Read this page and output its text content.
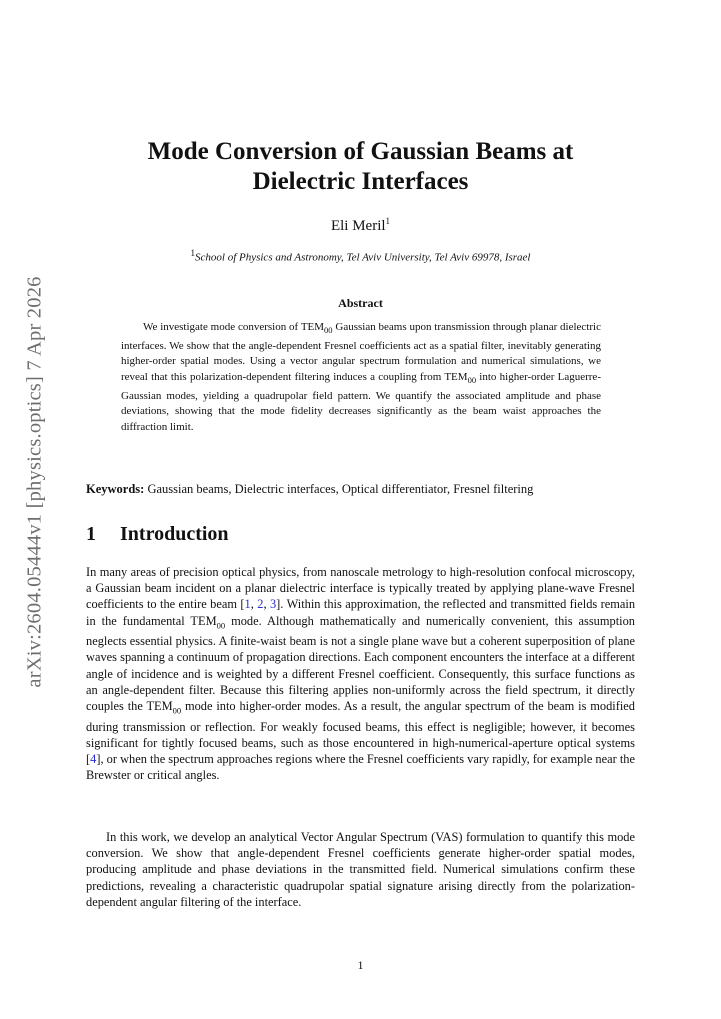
arXiv:2604.05444v1 [physics.optics] 7 Apr 2026
Mode Conversion of Gaussian Beams at
Dielectric Interfaces

Eli Meril$^1$

$^1$School of Physics and Astronomy, Tel Aviv University, Tel Aviv 69978, Israel

Abstract

We investigate mode conversion of $TEM_{00}$ Gaussian beams upon transmission through planar dielectric interfaces. We show that the angle-dependent Fresnel coefficients act as a spatial filter, inevitably generating higher-order spatial modes. Using a vector angular spectrum formulation and numerical simulations, we reveal that this polarization-dependent filtering induces a coupling from $TEM_{00}$ into higher-order Laguerre-Gaussian modes, yielding a quadrupolar field pattern. We quantify the associated amplitude and phase deviations, showing that the mode fidelity decreases significantly as the beam waist approaches the diffraction limit.

Keywords: Gaussian beams, Dielectric interfaces, Optical differentiator, Fresnel filtering

1 Introduction

In many areas of precision optical physics, from nanoscale metrology to high-resolution confocal microscopy, a Gaussian beam incident on a planar dielectric interface is typically treated by applying plane-wave Fresnel coefficients to the entire beam [1, 2, 3]. Within this approximation, the reflected and transmitted fields remain in the fundamental $TEM_{00}$ mode. Although mathematically and numerically convenient, this assumption neglects essential physics. A finite-waist beam is not a single plane wave but a coherent superposition of plane waves spanning a continuum of propagation directions. Each component encounters the interface at a different angle of incidence and is weighted by a different Fresnel coefficient. Consequently, this surface functions as an angle-dependent filter. Because this filtering applies non-uniformly across the field spectrum, it directly couples the $TEM_{00}$ mode into higher-order modes. As a result, the angular spectrum of the beam is modified during transmission or reflection. For weakly focused beams, this effect is negligible; however, it becomes significant for tightly focused beams, such as those encountered in high-numerical-aperture optical systems [4], or when the spectrum approaches regions where the Fresnel coefficients vary rapidly, for example near the Brewster or critical angles.

In this work, we develop an analytical Vector Angular Spectrum (VAS) formulation to quantify this mode conversion. We show that angle-dependent Fresnel coefficients generate higher-order spatial modes, producing amplitude and phase deviations in the transmitted field. Numerical simulations confirm these predictions, revealing a characteristic quadrupolar spatial signature arising directly from the polarization-dependent angular filtering of the interface.

1
